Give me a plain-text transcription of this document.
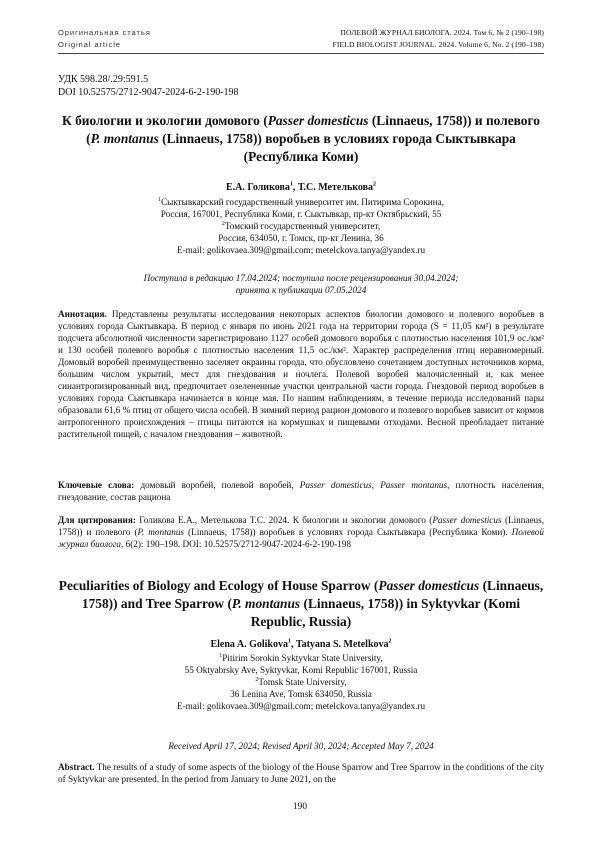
Оригинальная статья
Original article
ПОЛЕВОЙ ЖУРНАЛ БИОЛОГА. 2024. Том 6, № 2 (190–198)
FIELD BIOLOGIST JOURNAL. 2024. Volume 6, No. 2 (190–198)
УДК 598.28/.29:591.5
DOI 10.52575/2712-9047-2024-6-2-190-198
К биологии и экологии домового (Passer domesticus (Linnaeus, 1758)) и полевого (P. montanus (Linnaeus, 1758)) воробьев в условиях города Сыктывкара (Республика Коми)
Е.А. Голикова$^1$, Т.С. Метелькова$^2$
$^1$Сыктывкарский государственный университет им. Питирима Сорокина,
Россия, 167001, Республика Коми, г. Сыктывкар, пр-кт Октябрьский, 55
$^2$Томский государственный университет,
Россия, 634050, г. Томск, пр-кт Ленина, 36
E-mail: golikovaea.309@gmail.com; metelckova.tanya@yandex.ru
Поступила в редакцию 17.04.2024; поступила после рецензирования 30.04.2024;
принята к публикации 07.05.2024

Аннотация. Представлены результаты исследования некоторых аспектов биологии домового и полевого воробьев в условиях города Сыктывкара. В период с января по июнь 2021 года на территории города (S = 11,05 км²) в результате подсчета абсолютной численности зарегистрировано 1127 особей домового воробья с плотностью населения 101,9 ос./км² и 130 особей полевого воробья с плотностью населения 11,5 ос./км². Характер распределения птиц неравномерный. Домовый воробей преимущественно заселяет окраины города, что обусловлено сочетанием доступных источников корма, большим числом укрытий, мест для гнездования и ночлега. Полевой воробей малочисленный и, как менее синантропизированный вид, предпочитает озелененные участки центральной части города. Гнездовой период воробьев в условиях города Сыктывкара начинается в конце мая. По нашим наблюдениям, в течение периода исследований пары образовали 61,6 % птиц от общего числа особей. В зимний период рацион домового и полевого воробьев зависит от кормов антропогенного происхождения – птицы питаются на кормушках и пищевыми отходами. Весной преобладает питание растительной пищей, с началом гнездования – животной.

Ключевые слова: домовый воробей, полевой воробей, Passer domesticus, Passer montanus, плотность населения, гнездование, состав рациона

Для цитирования: Голикова Е.А., Метелькова Т.С. 2024. К биологии и экологии домового (Passer domesticus (Linnaeus, 1758)) и полевого (P. montanus (Linnaeus, 1758)) воробьев в условиях города Сыктывкара (Республика Коми). Полевой журнал биолога, 6(2): 190–198. DOI: 10.52575/2712-9047-2024-6-2-190-198

Peculiarities of Biology and Ecology of House Sparrow (Passer domesticus (Linnaeus, 1758)) and Tree Sparrow (P. montanus (Linnaeus, 1758)) in Syktyvkar (Komi Republic, Russia)
Elena A. Golikova$^1$, Tatyana S. Metelkova$^2$
$^1$Pitirim Sorokin Syktyvkar State University,
55 Oktyabrsky Ave, Syktyvkar, Komi Republic 167001, Russia
$^2$Tomsk State University,
36 Lenina Ave, Tomsk 634050, Russia
E-mail: golikovaea.309@gmail.com; metelckova.tanya@yandex.ru
Received April 17, 2024; Revised April 30, 2024; Accepted May 7, 2024

Abstract. The results of a study of some aspects of the biology of the House Sparrow and Tree Sparrow in the conditions of the city of Syktyvkar are presented. In the period from January to June 2021, on the

190
